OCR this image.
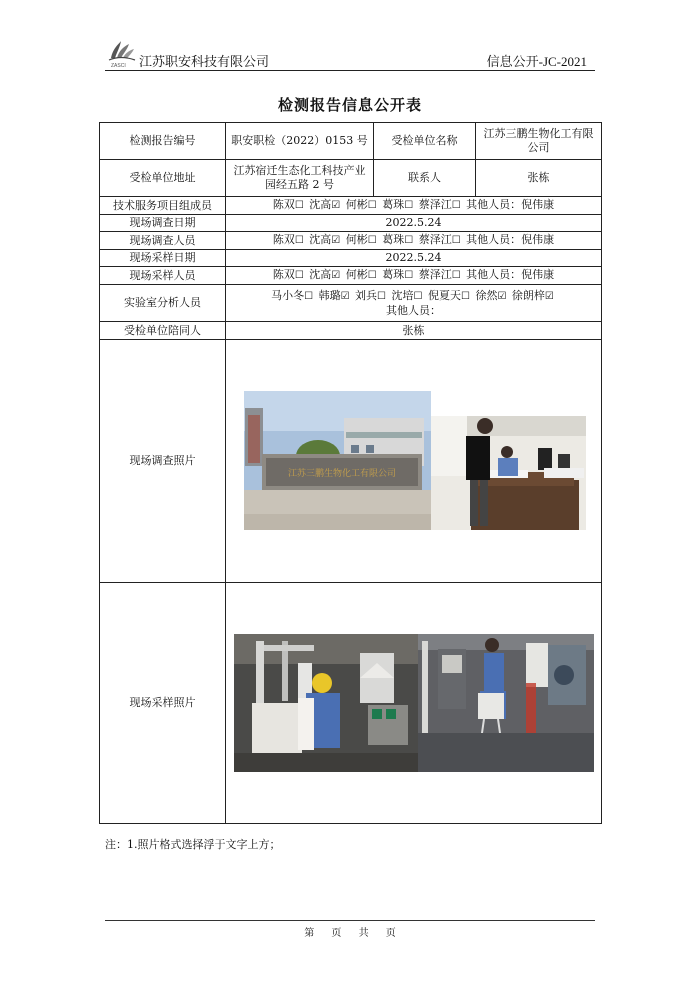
ZASCI 江苏职安科技有限公司	信息公开-JC-2021
检测报告信息公开表
检测报告编号	职安职检（2022）0153 号	受检单位名称	江苏三鹏生物化工有限公司
受检单位地址	江苏宿迁生态化工科技产业园经五路 2 号	联系人	张栋
技术服务项目组成员	陈双☐ 沈高☑ 何彬☐ 葛珠☐ 蔡泽江☐ 其他人员：倪伟康		
现场调查日期	2022.5.24		
现场调查人员	陈双☐ 沈高☑ 何彬☐ 葛珠☐ 蔡泽江☐ 其他人员：倪伟康		
现场采样日期	2022.5.24		
现场采样人员	陈双☐ 沈高☑ 何彬☐ 葛珠☐ 蔡泽江☐ 其他人员：倪伟康		
实验室分析人员	马小冬☐ 韩璐☑ 刘兵☐ 沈培☐ 倪夏天☐ 徐然☑ 徐朗梓☑
其他人员：		

受检单位陪同人	张栋		
现场调查照片	江苏三鹏生物化工有限公司		

现场采样照片	
注：1.照片格式选择浮于文字上方；
第 页 共 页
